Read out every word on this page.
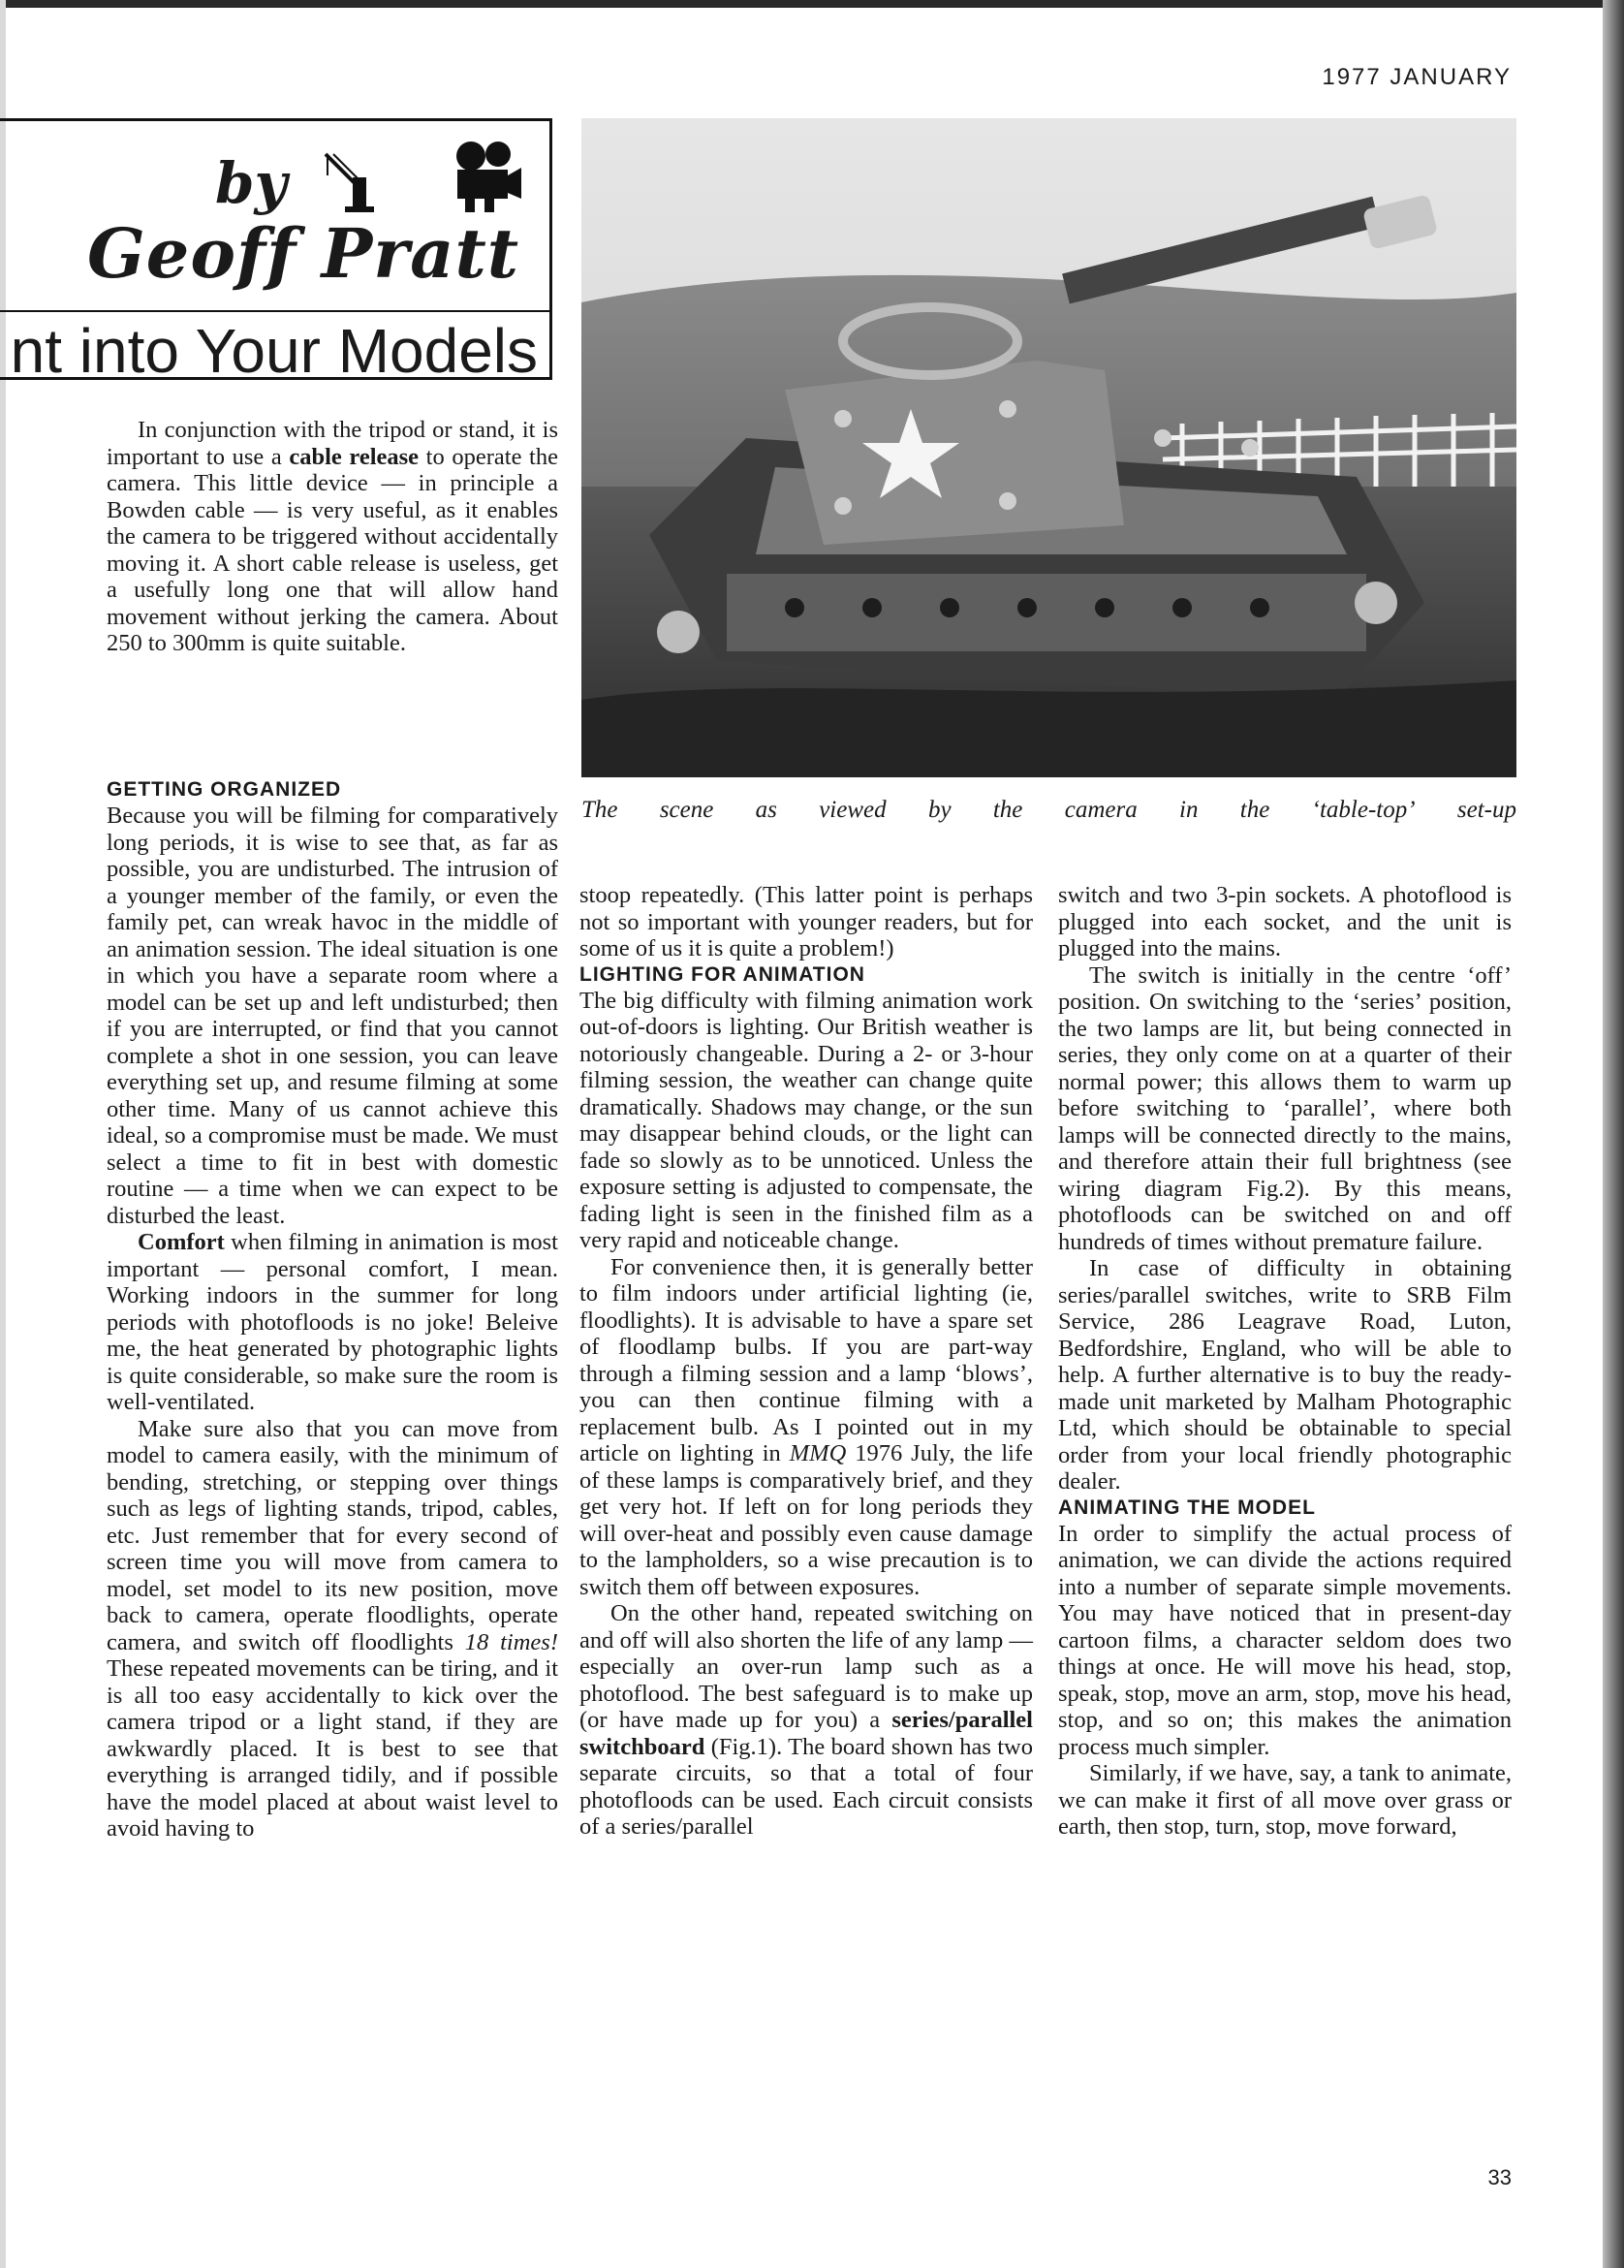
1977 JANUARY
by
Geoff Pratt
nt into Your Models

In conjunction with the tripod or stand, it is important to use a cable release to operate the camera. This little device — in principle a Bowden cable — is very useful, as it enables the camera to be triggered without accidentally moving it. A short cable release is useless, get a usefully long one that will allow hand movement without jerking the camera. About 250 to 300mm is quite suitable.

The scene as viewed by the camera in the ‘table-top’ set-up
GETTING ORGANIZED

Because you will be filming for comparatively long periods, it is wise to see that, as far as possible, you are undisturbed. The intrusion of a younger member of the family, or even the family pet, can wreak havoc in the middle of an animation session. The ideal situation is one in which you have a separate room where a model can be set up and left undisturbed; then if you are interrupted, or find that you cannot complete a shot in one session, you can leave everything set up, and resume filming at some other time. Many of us cannot achieve this ideal, so a compromise must be made. We must select a time to fit in best with domestic routine — a time when we can expect to be disturbed the least.

Comfort when filming in animation is most important — personal comfort, I mean. Working indoors in the summer for long periods with photofloods is no joke! Beleive me, the heat generated by photographic lights is quite considerable, so make sure the room is well-ventilated.

Make sure also that you can move from model to camera easily, with the minimum of bending, stretching, or stepping over things such as legs of lighting stands, tripod, cables, etc. Just remember that for every second of screen time you will move from camera to model, set model to its new position, move back to camera, operate floodlights, operate camera, and switch off floodlights 18 times! These repeated movements can be tiring, and it is all too easy accidentally to kick over the camera tripod or a light stand, if they are awkwardly placed. It is best to see that everything is arranged tidily, and if possible have the model placed at about waist level to avoid having to

stoop repeatedly. (This latter point is perhaps not so important with younger readers, but for some of us it is quite a problem!)

LIGHTING FOR ANIMATION

The big difficulty with filming animation work out-of-doors is lighting. Our British weather is notoriously changeable. During a 2- or 3-hour filming session, the weather can change quite dramatically. Shadows may change, or the sun may disappear behind clouds, or the light can fade so slowly as to be unnoticed. Unless the exposure setting is adjusted to compensate, the fading light is seen in the finished film as a very rapid and noticeable change.

For convenience then, it is generally better to film indoors under artificial lighting (ie, floodlights). It is advisable to have a spare set of floodlamp bulbs. If you are part-way through a filming session and a lamp ‘blows’, you can then continue filming with a replacement bulb. As I pointed out in my article on lighting in MMQ 1976 July, the life of these lamps is comparatively brief, and they get very hot. If left on for long periods they will over-heat and possibly even cause damage to the lampholders, so a wise precaution is to switch them off between exposures.

On the other hand, repeated switching on and off will also shorten the life of any lamp — especially an over-run lamp such as a photoflood. The best safeguard is to make up (or have made up for you) a series/parallel switchboard (Fig.1). The board shown has two separate circuits, so that a total of four photofloods can be used. Each circuit consists of a series/parallel

switch and two 3-pin sockets. A photoflood is plugged into each socket, and the unit is plugged into the mains.

The switch is initially in the centre ‘off’ position. On switching to the ‘series’ position, the two lamps are lit, but being connected in series, they only come on at a quarter of their normal power; this allows them to warm up before switching to ‘parallel’, where both lamps will be connected directly to the mains, and therefore attain their full brightness (see wiring diagram Fig.2). By this means, photofloods can be switched on and off hundreds of times without premature failure.

In case of difficulty in obtaining series/parallel switches, write to SRB Film Service, 286 Leagrave Road, Luton, Bedfordshire, England, who will be able to help. A further alternative is to buy the ready-made unit marketed by Malham Photographic Ltd, which should be obtainable to special order from your local friendly photographic dealer.

ANIMATING THE MODEL

In order to simplify the actual process of animation, we can divide the actions required into a number of separate simple movements. You may have noticed that in present-day cartoon films, a character seldom does two things at once. He will move his head, stop, speak, stop, move an arm, stop, move his head, stop, and so on; this makes the animation process much simpler.

Similarly, if we have, say, a tank to animate, we can make it first of all move over grass or earth, then stop, turn, stop, move forward,

33
